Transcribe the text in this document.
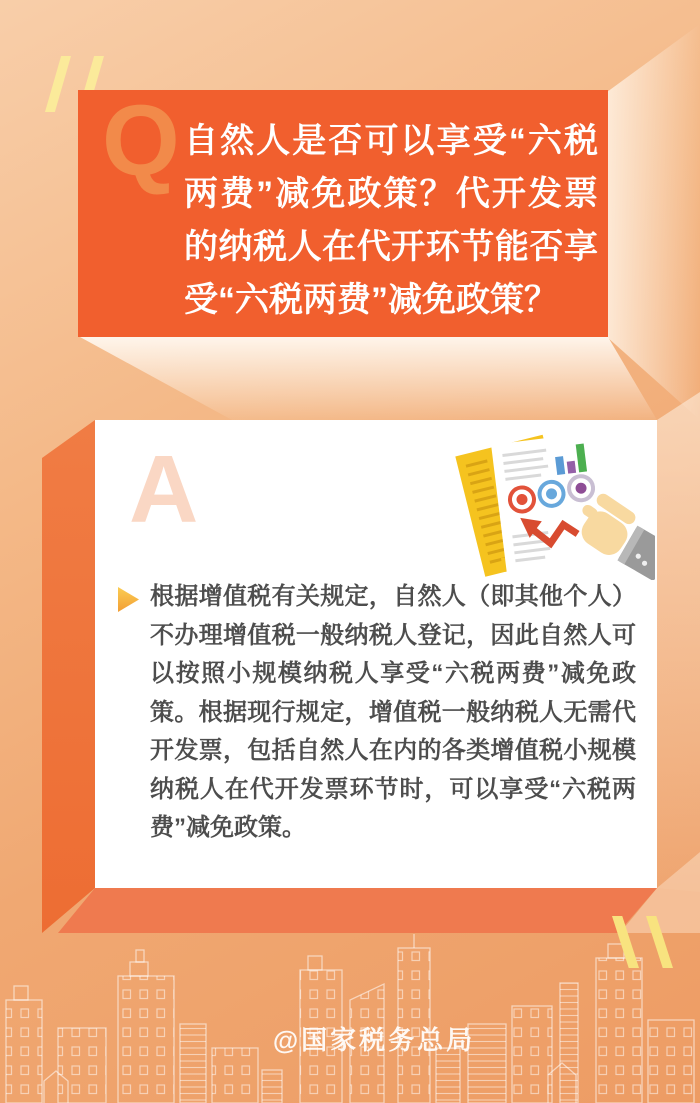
Q 自然人是否可以享受“六税两费”减免政策？代开发票的纳税人在代开环节能否享受“六税两费”减免政策？
A
根据增值税有关规定，自然人（即其他个人）不办理增值税一般纳税人登记，因此自然人可以按照小规模纳税人享受“六税两费”减免政策。根据现行规定，增值税一般纳税人无需代开发票，包括自然人在内的各类增值税小规模纳税人在代开发票环节时，可以享受“六税两费”减免政策。
@国家税务总局
